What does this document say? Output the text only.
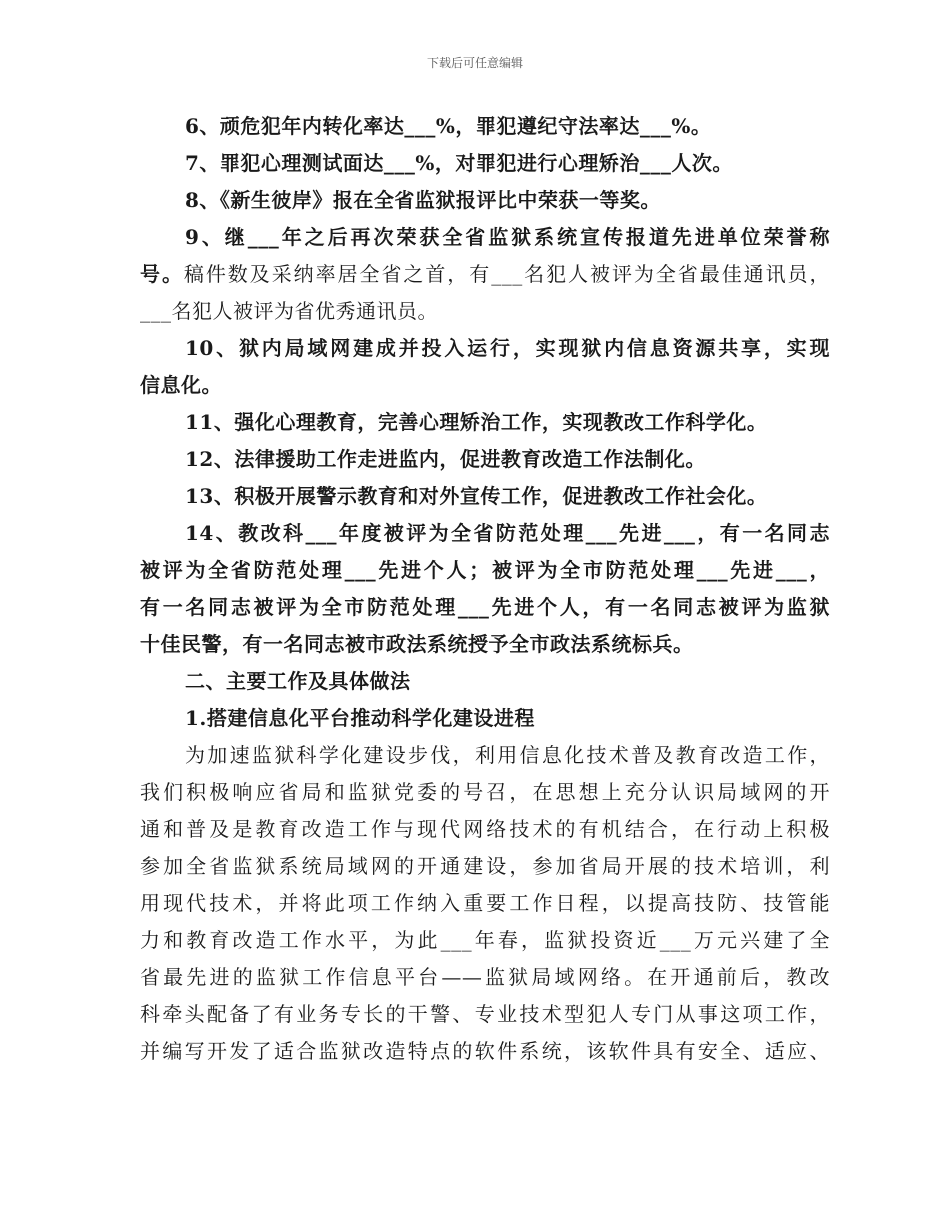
下载后可任意编辑
6、顽危犯年内转化率达___%，罪犯遵纪守法率达___%。
7、罪犯心理测试面达___%，对罪犯进行心理矫治___人次。
8、《新生彼岸》报在全省监狱报评比中荣获一等奖。
9、继___年之后再次荣获全省监狱系统宣传报道先进单位荣誉称
号。稿件数及采纳率居全省之首，有___名犯人被评为全省最佳通讯员，
___名犯人被评为省优秀通讯员。
10、狱内局域网建成并投入运行，实现狱内信息资源共享，实现
信息化。
11、强化心理教育，完善心理矫治工作，实现教改工作科学化。
12、法律援助工作走进监内，促进教育改造工作法制化。
13、积极开展警示教育和对外宣传工作，促进教改工作社会化。
14、教改科___年度被评为全省防范处理___先进___，有一名同志
被评为全省防范处理___先进个人；被评为全市防范处理___先进___，
有一名同志被评为全市防范处理___先进个人，有一名同志被评为监狱
十佳民警，有一名同志被市政法系统授予全市政法系统标兵。
二、主要工作及具体做法
1.搭建信息化平台推动科学化建设进程
为加速监狱科学化建设步伐，利用信息化技术普及教育改造工作，
我们积极响应省局和监狱党委的号召，在思想上充分认识局域网的开
通和普及是教育改造工作与现代网络技术的有机结合，在行动上积极
参加全省监狱系统局域网的开通建设，参加省局开展的技术培训，利
用现代技术，并将此项工作纳入重要工作日程，以提高技防、技管能
力和教育改造工作水平，为此___年春，监狱投资近___万元兴建了全
省最先进的监狱工作信息平台——监狱局域网络。在开通前后，教改
科牵头配备了有业务专长的干警、专业技术型犯人专门从事这项工作，
并编写开发了适合监狱改造特点的软件系统，该软件具有安全、适应、
